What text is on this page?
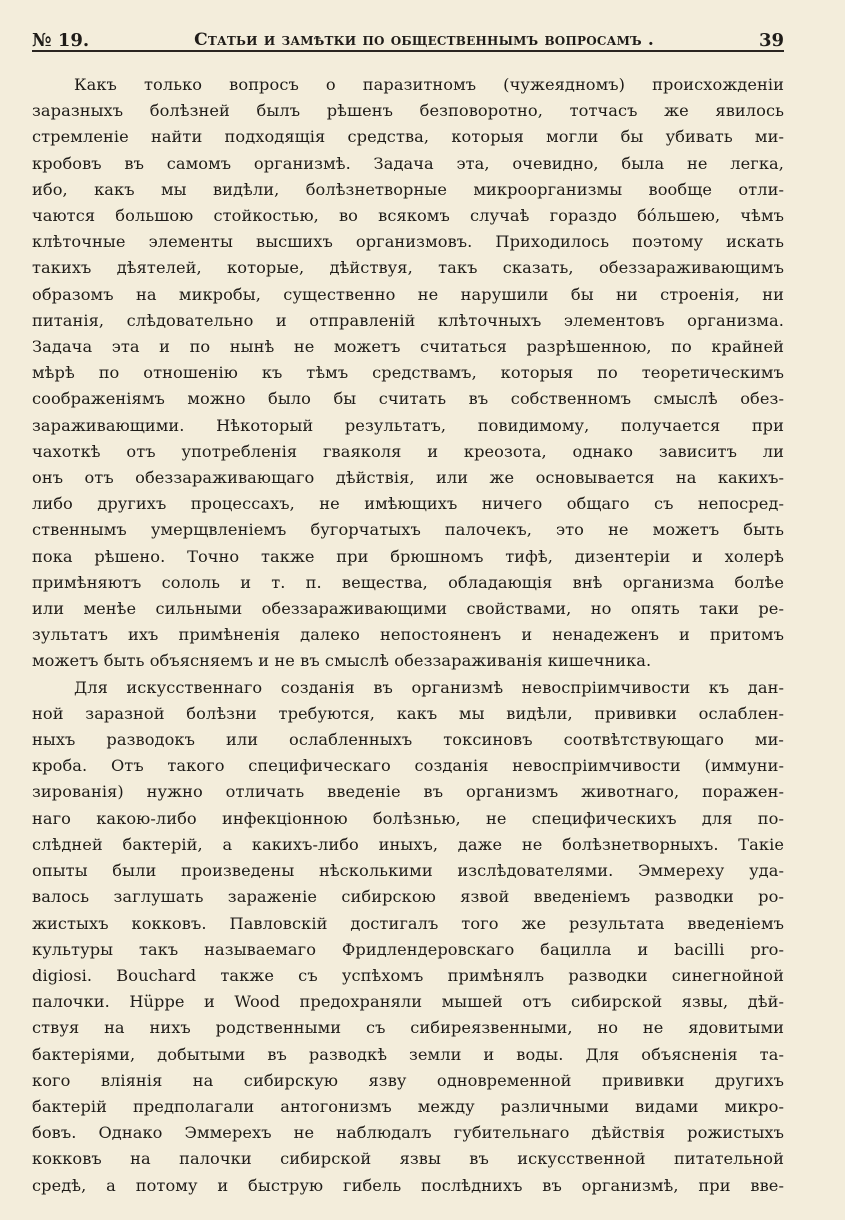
№ 19.	Статьи и замѣтки по общественнымъ вопросамъ .	39
Какъ только вопросъ о паразитномъ (чужеядномъ) происхожденіи
заразныхъ болѣзней былъ рѣшенъ безповоротно, тотчасъ же явилось
стремленіе найти подходящія средства, которыя могли бы убивать ми-
кробовъ въ самомъ организмѣ. Задача эта, очевидно, была не легка,
ибо, какъ мы видѣли, болѣзнетворные микроорганизмы вообще отли-
чаются большою стойкостью, во всякомъ случаѣ гораздо бо́льшею, чѣмъ
клѣточные элементы высшихъ организмовъ. Приходилось поэтому искать
такихъ дѣятелей, которые, дѣйствуя, такъ сказать, обеззараживающимъ
образомъ на микробы, существенно не нарушили бы ни строенія, ни
питанія, слѣдовательно и отправленій клѣточныхъ элементовъ организма.
Задача эта и по нынѣ не можетъ считаться разрѣшенною, по крайней
мѣрѣ по отношенію къ тѣмъ средствамъ, которыя по теоретическимъ
соображеніямъ можно было бы считать въ собственномъ смыслѣ обез-
зараживающими. Нѣкоторый результатъ, повидимому, получается при
чахоткѣ отъ употребленія гваяколя и креозота, однако зависитъ ли
онъ отъ обеззараживающаго дѣйствія, или же основывается на какихъ-
либо другихъ процессахъ, не имѣющихъ ничего общаго съ непосред-
ственнымъ умерщвленіемъ бугорчатыхъ палочекъ, это не можетъ быть
пока рѣшено. Точно также при брюшномъ тифѣ, дизентеріи и холерѣ
примѣняютъ сололь и т. п. вещества, обладающія внѣ организма болѣе
или менѣе сильными обеззараживающими свойствами, но опять таки ре-
зультатъ ихъ примѣненія далеко непостояненъ и ненадеженъ и притомъ
можетъ быть объясняемъ и не въ смыслѣ обеззараживанія кишечника.
Для искусственнаго созданія въ организмѣ невоспріимчивости къ дан-
ной заразной болѣзни требуются, какъ мы видѣли, прививки ослаблен-
ныхъ разводокъ или ослабленныхъ токсиновъ соотвѣтствующаго ми-
кроба. Отъ такого специфическаго созданія невоспріимчивости (иммуни-
зированія) нужно отличать введеніе въ организмъ животнаго, поражен-
наго какою-либо инфекціонною болѣзнью, не специфическихъ для по-
слѣдней бактерій, а какихъ-либо иныхъ, даже не болѣзнетворныхъ. Такіе
опыты были произведены нѣсколькими изслѣдователями. Эммереху уда-
валось заглушать зараженіе сибирскою язвой введеніемъ разводки ро-
жистыхъ кокковъ. Павловскій достигалъ того же результата введеніемъ
культуры такъ называемаго Фридлендеровскаго бацилла и bacilli pro-
digiosi. Bouchard также съ успѣхомъ примѣнялъ разводки синегнойной
палочки. Hüppe и Wood предохраняли мышей отъ сибирской язвы, дѣй-
ствуя на нихъ родственными съ сибиреязвенными, но не ядовитыми
бактеріями, добытыми въ разводкѣ земли и воды. Для объясненія та-
кого вліянія на сибирскую язву одновременной прививки другихъ
бактерій предполагали антогонизмъ между различными видами микро-
бовъ. Однако Эммерехъ не наблюдалъ губительнаго дѣйствія рожистыхъ
кокковъ на палочки сибирской язвы въ искусственной питательной
средѣ, а потому и быструю гибель послѣднихъ въ организмѣ, при вве-
